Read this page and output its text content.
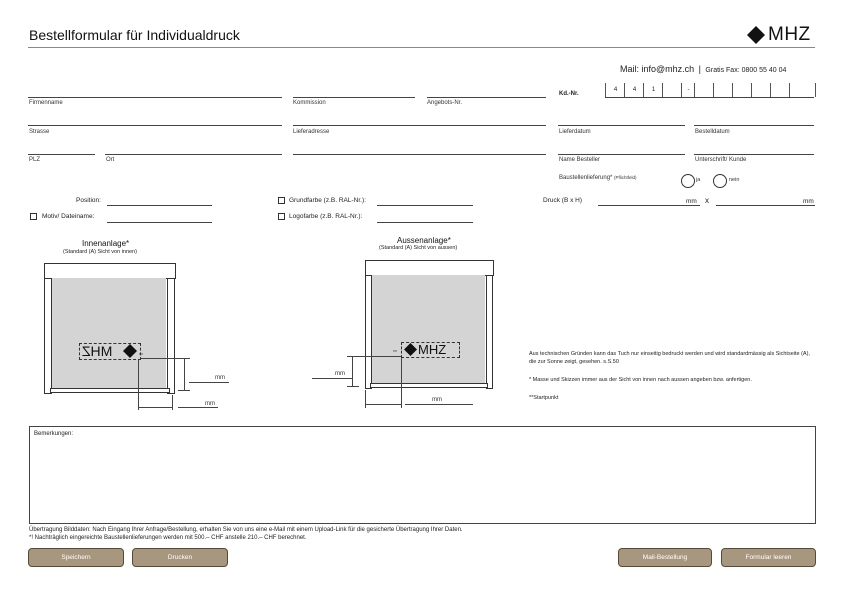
Bestellformular für Individualdruck	MHZ
Mail: info@mhz.ch | Gratis Fax: 0800 55 40 04
Kd.-Nr.
4	4	1	-
Firmenname	Kommission	Angebots-Nr.
Strasse	Lieferadresse	Lieferdatum	Bestelldatum
PLZ	Ort	Name Besteller	Unterschrift/ Kunde
Baustellenlieferung* (Pflichtfeld)	ja	nein
Position:
Motiv/ Dateiname:
Grundfarbe (z.B. RAL-Nr.):
Logofarbe (z.B. RAL-Nr.):
Druck (B x H)	mm x	mm
Innenanlage*
(Standard (A) Sicht von innen)
Aussenanlage*
(Standard (A) Sicht von aussen)
MHZ	**
mm
mm
MHZ
**
mm
mm
Aus technischen Gründen kann das Tuch nur einseitig bedruckt werden und wird standardmässig als Sichtseite (A), die zur Sonne zeigt, gesehen. s.S.50
* Masse und Skizzen immer aus der Sicht von innen nach aussen angeben bzw. anfertigen.
**Startpunkt
Bemerkungen:
Übertragung Bilddaten: Nach Eingang Ihrer Anfrage/Bestellung, erhalten Sie von uns eine e-Mail mit einem Upload-Link für die gesicherte Übertragung Ihrer Daten.
*! Nachträglich eingereichte Baustellenlieferungen werden mit 500.– CHF anstelle 210.– CHF berechnet.
Speichern	Drucken	Mail-Bestellung	Formular leeren
